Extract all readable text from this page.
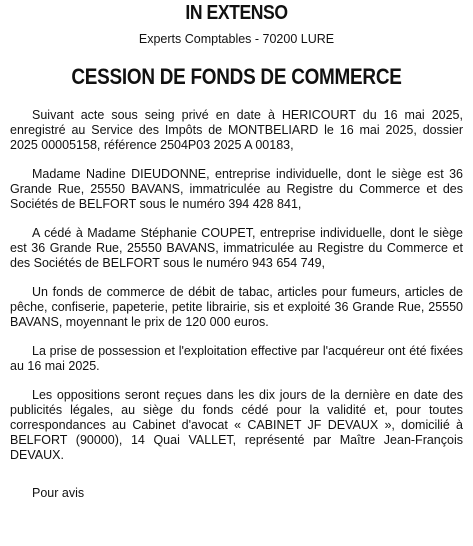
IN EXTENSO

Experts Comptables - 70200 LURE

CESSION DE FONDS DE COMMERCE

Suivant acte sous seing privé en date à HERICOURT du 16 mai 2025, enregistré au Service des Impôts de MONTBELIARD le 16 mai 2025, dossier 2025 00005158, référence 2504P03 2025 A 00183,

Madame Nadine DIEUDONNE, entreprise individuelle, dont le siège est 36 Grande Rue, 25550 BAVANS, immatriculée au Registre du Commerce et des Sociétés de BELFORT sous le numéro 394 428 841,

A cédé à Madame Stéphanie COUPET, entreprise individuelle, dont le siège est 36 Grande Rue, 25550 BAVANS, immatriculée au Registre du Commerce et des Sociétés de BELFORT sous le numéro 943 654 749,

Un fonds de commerce de débit de tabac, articles pour fumeurs, articles de pêche, confiserie, papeterie, petite librairie, sis et exploité 36 Grande Rue, 25550 BAVANS, moyennant le prix de 120 000 euros.

La prise de possession et l'exploitation effective par l'acquéreur ont été fixées au 16 mai 2025.

Les oppositions seront reçues dans les dix jours de la dernière en date des publicités légales, au siège du fonds cédé pour la validité et, pour toutes correspondances au Cabinet d'avocat « CABINET JF DEVAUX », domicilié à BELFORT (90000), 14 Quai VALLET, représenté par Maître Jean-François DEVAUX.

Pour avis
